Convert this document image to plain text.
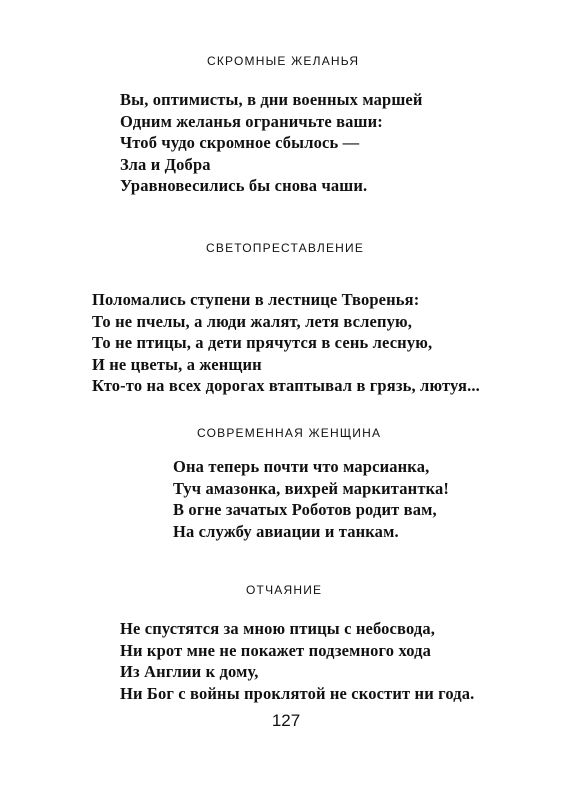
СКРОМНЫЕ ЖЕЛАНЬЯ
Вы, оптимисты, в дни военных маршей
Одним желанья ограничьте ваши:
Чтоб чудо скромное сбылось —
Зла и Добра
Уравновесились бы снова чаши.
СВЕТОПРЕСТАВЛЕНИЕ
Поломались ступени в лестнице Творенья:
То не пчелы, а люди жалят, летя вслепую,
То не птицы, а дети прячутся в сень лесную,
И не цветы, а женщин
Кто-то на всех дорогах втаптывал в грязь, лютуя...
СОВРЕМЕННАЯ ЖЕНЩИНА
Она теперь почти что марсианка,
Туч амазонка, вихрей маркитантка!
В огне зачатых Роботов родит вам,
На службу авиации и танкам.
ОТЧАЯНИЕ
Не спустятся за мною птицы с небосвода,
Ни крот мне не покажет подземного хода
Из Англии к дому,
Ни Бог с войны проклятой не скостит ни года.
127
